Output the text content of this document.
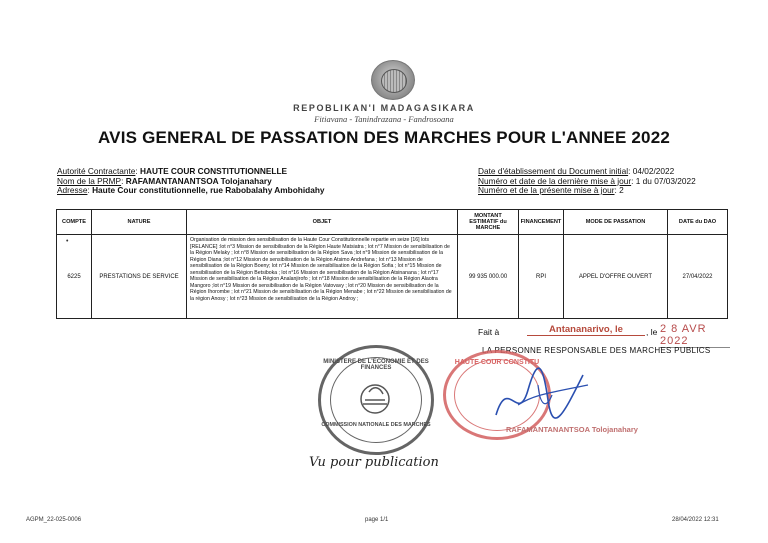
REPOBLIKAN'I MADAGASIKARA
Fitiavana - Tanindrazana - Fandrosoana
AVIS GENERAL DE PASSATION DES MARCHES POUR L'ANNEE 2022
Autorité Contractante: HAUTE COUR CONSTITUTIONNELLE
Nom de la PRMP: RAFAMANTANANTSOA Tolojanahary
Adresse: Haute Cour constitutionnelle, rue Rabobalahy Ambohidahy
Date d'établissement du Document initial: 04/02/2022
Numéro et date de la dernière mise à jour: 1 du 07/03/2022
Numéro et de la présente mise à jour: 2
COMPTE	NATURE	OBJET	MONTANT ESTIMATIF du MARCHE	FINANCEMENT	MODE DE PASSATION	DATE du DAO
6225	PRESTATIONS DE SERVICE	Organisation de mission des sensibilisation de la Haute Cour Constitutionnelle repartie en seize [16] lots [RELANCE] :lot n°3 Mission de sensibilisation de la Région Haute Matsiatra ; lot n°7 Mission de sensibilisation de la Région Melaky ; lot n°8 Mission de sensibilisation de la Région Sava ;lot n°9 Mission de sensibilisation de la Région Diana ;lot n°12 Mission de sensibilisation de la Région Atsimo Andrefana ; lot n°13 Mission de sensibilisation de la Région Boeny; lot n°14 Mission de sensibilisation de la Région Sofia ; lot n°15 Mission de sensibilisation de la Région Betsiboka ; lot n°16 Mission de sensibilisation de la Région Atsinanana ; lot n°17 Mission de sensibilisation de la Région Analanjirofo ; lot n°18 Mission de sensibilisation de la Région Alaotra Mangoro ;lot n°19 Mission de sensibilisation de la Région Vatovavy ; lot n°20 Mission de sensibilisation de la Région Ihorombe ; lot n°21 Mission de sensibilisation de la Région Menabe ; lot n°22 Mission de sensibilisation de la région Anosy ; lot n°23 Mission de sensibilisation de la Région Androy ;	99 935 000.00	RPI	APPEL D'OFFRE OUVERT	27/04/2022
•
Fait à	Antananarivo, le	, le 2 8 AVR 2022
LA PERSONNE RESPONSABLE DES MARCHES PUBLICS
HAUTE COUR CONSTITU
RAFAMANTANANTSOA Tolojanahary
MINISTERE DE L'ECONOMIE ET DES FINANCES
COMMISSION NATIONALE DES MARCHES
Vu pour publication
AGPM_22-025-0006	page 1/1	28/04/2022 12:31
